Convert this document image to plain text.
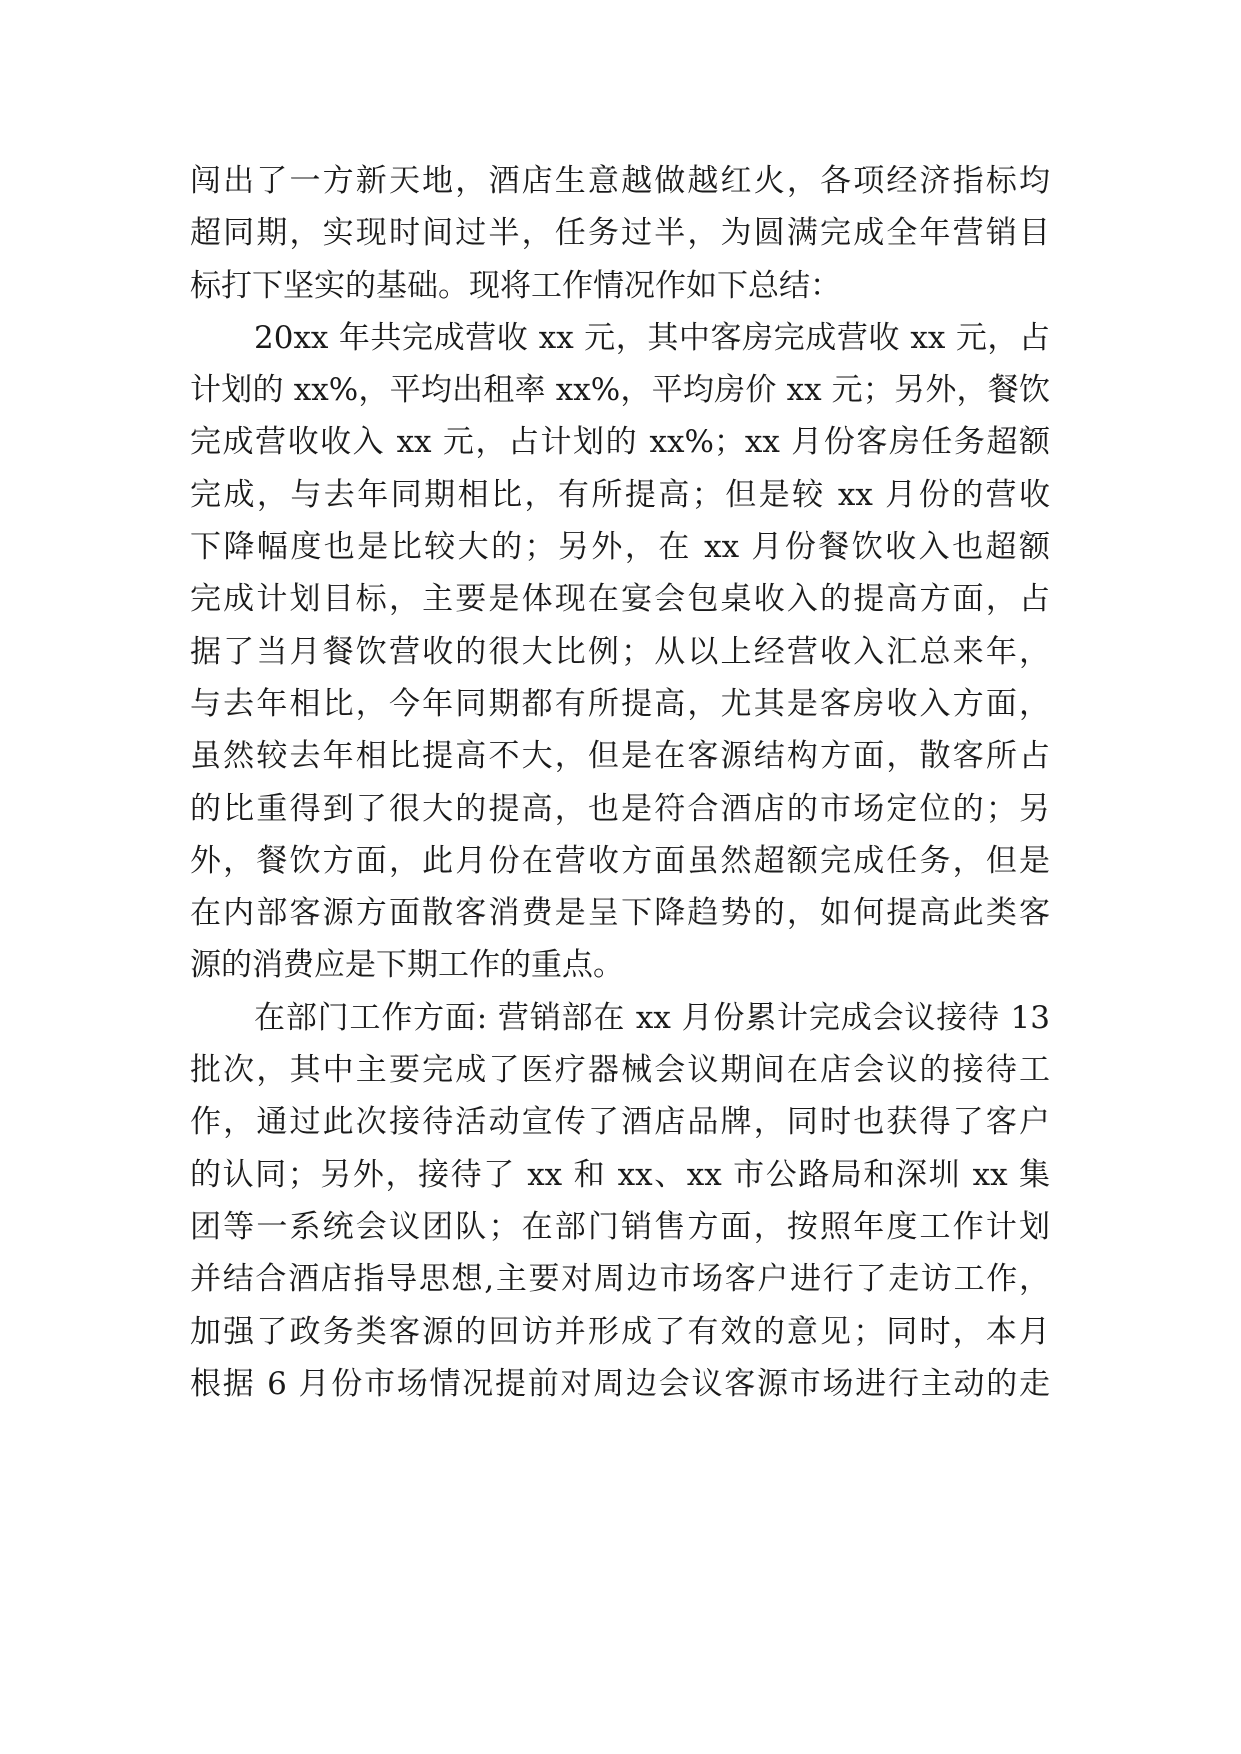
闯出了一方新天地，酒店生意越做越红火，各项经济指标均
超同期，实现时间过半，任务过半，为圆满完成全年营销目
标打下坚实的基础。现将工作情况作如下总结：
20xx 年共完成营收 xx 元，其中客房完成营收 xx 元，占
计划的 xx%，平均出租率 xx%，平均房价 xx 元；另外，餐饮
完成营收收入 xx 元，占计划的 xx%；xx 月份客房任务超额
完成，与去年同期相比，有所提高；但是较 xx 月份的营收
下降幅度也是比较大的；另外，在 xx 月份餐饮收入也超额
完成计划目标，主要是体现在宴会包桌收入的提高方面，占
据了当月餐饮营收的很大比例；从以上经营收入汇总来年，
与去年相比，今年同期都有所提高，尤其是客房收入方面，
虽然较去年相比提高不大，但是在客源结构方面，散客所占
的比重得到了很大的提高，也是符合酒店的市场定位的；另
外，餐饮方面，此月份在营收方面虽然超额完成任务，但是
在内部客源方面散客消费是呈下降趋势的，如何提高此类客
源的消费应是下期工作的重点。
在部门工作方面: 营销部在 xx 月份累计完成会议接待 13
批次，其中主要完成了医疗器械会议期间在店会议的接待工
作，通过此次接待活动宣传了酒店品牌，同时也获得了客户
的认同；另外，接待了 xx 和 xx、xx 市公路局和深圳 xx 集
团等一系统会议团队；在部门销售方面，按照年度工作计划
并结合酒店指导思想,主要对周边市场客户进行了走访工作，
加强了政务类客源的回访并形成了有效的意见；同时，本月
根据 6 月份市场情况提前对周边会议客源市场进行主动的走
